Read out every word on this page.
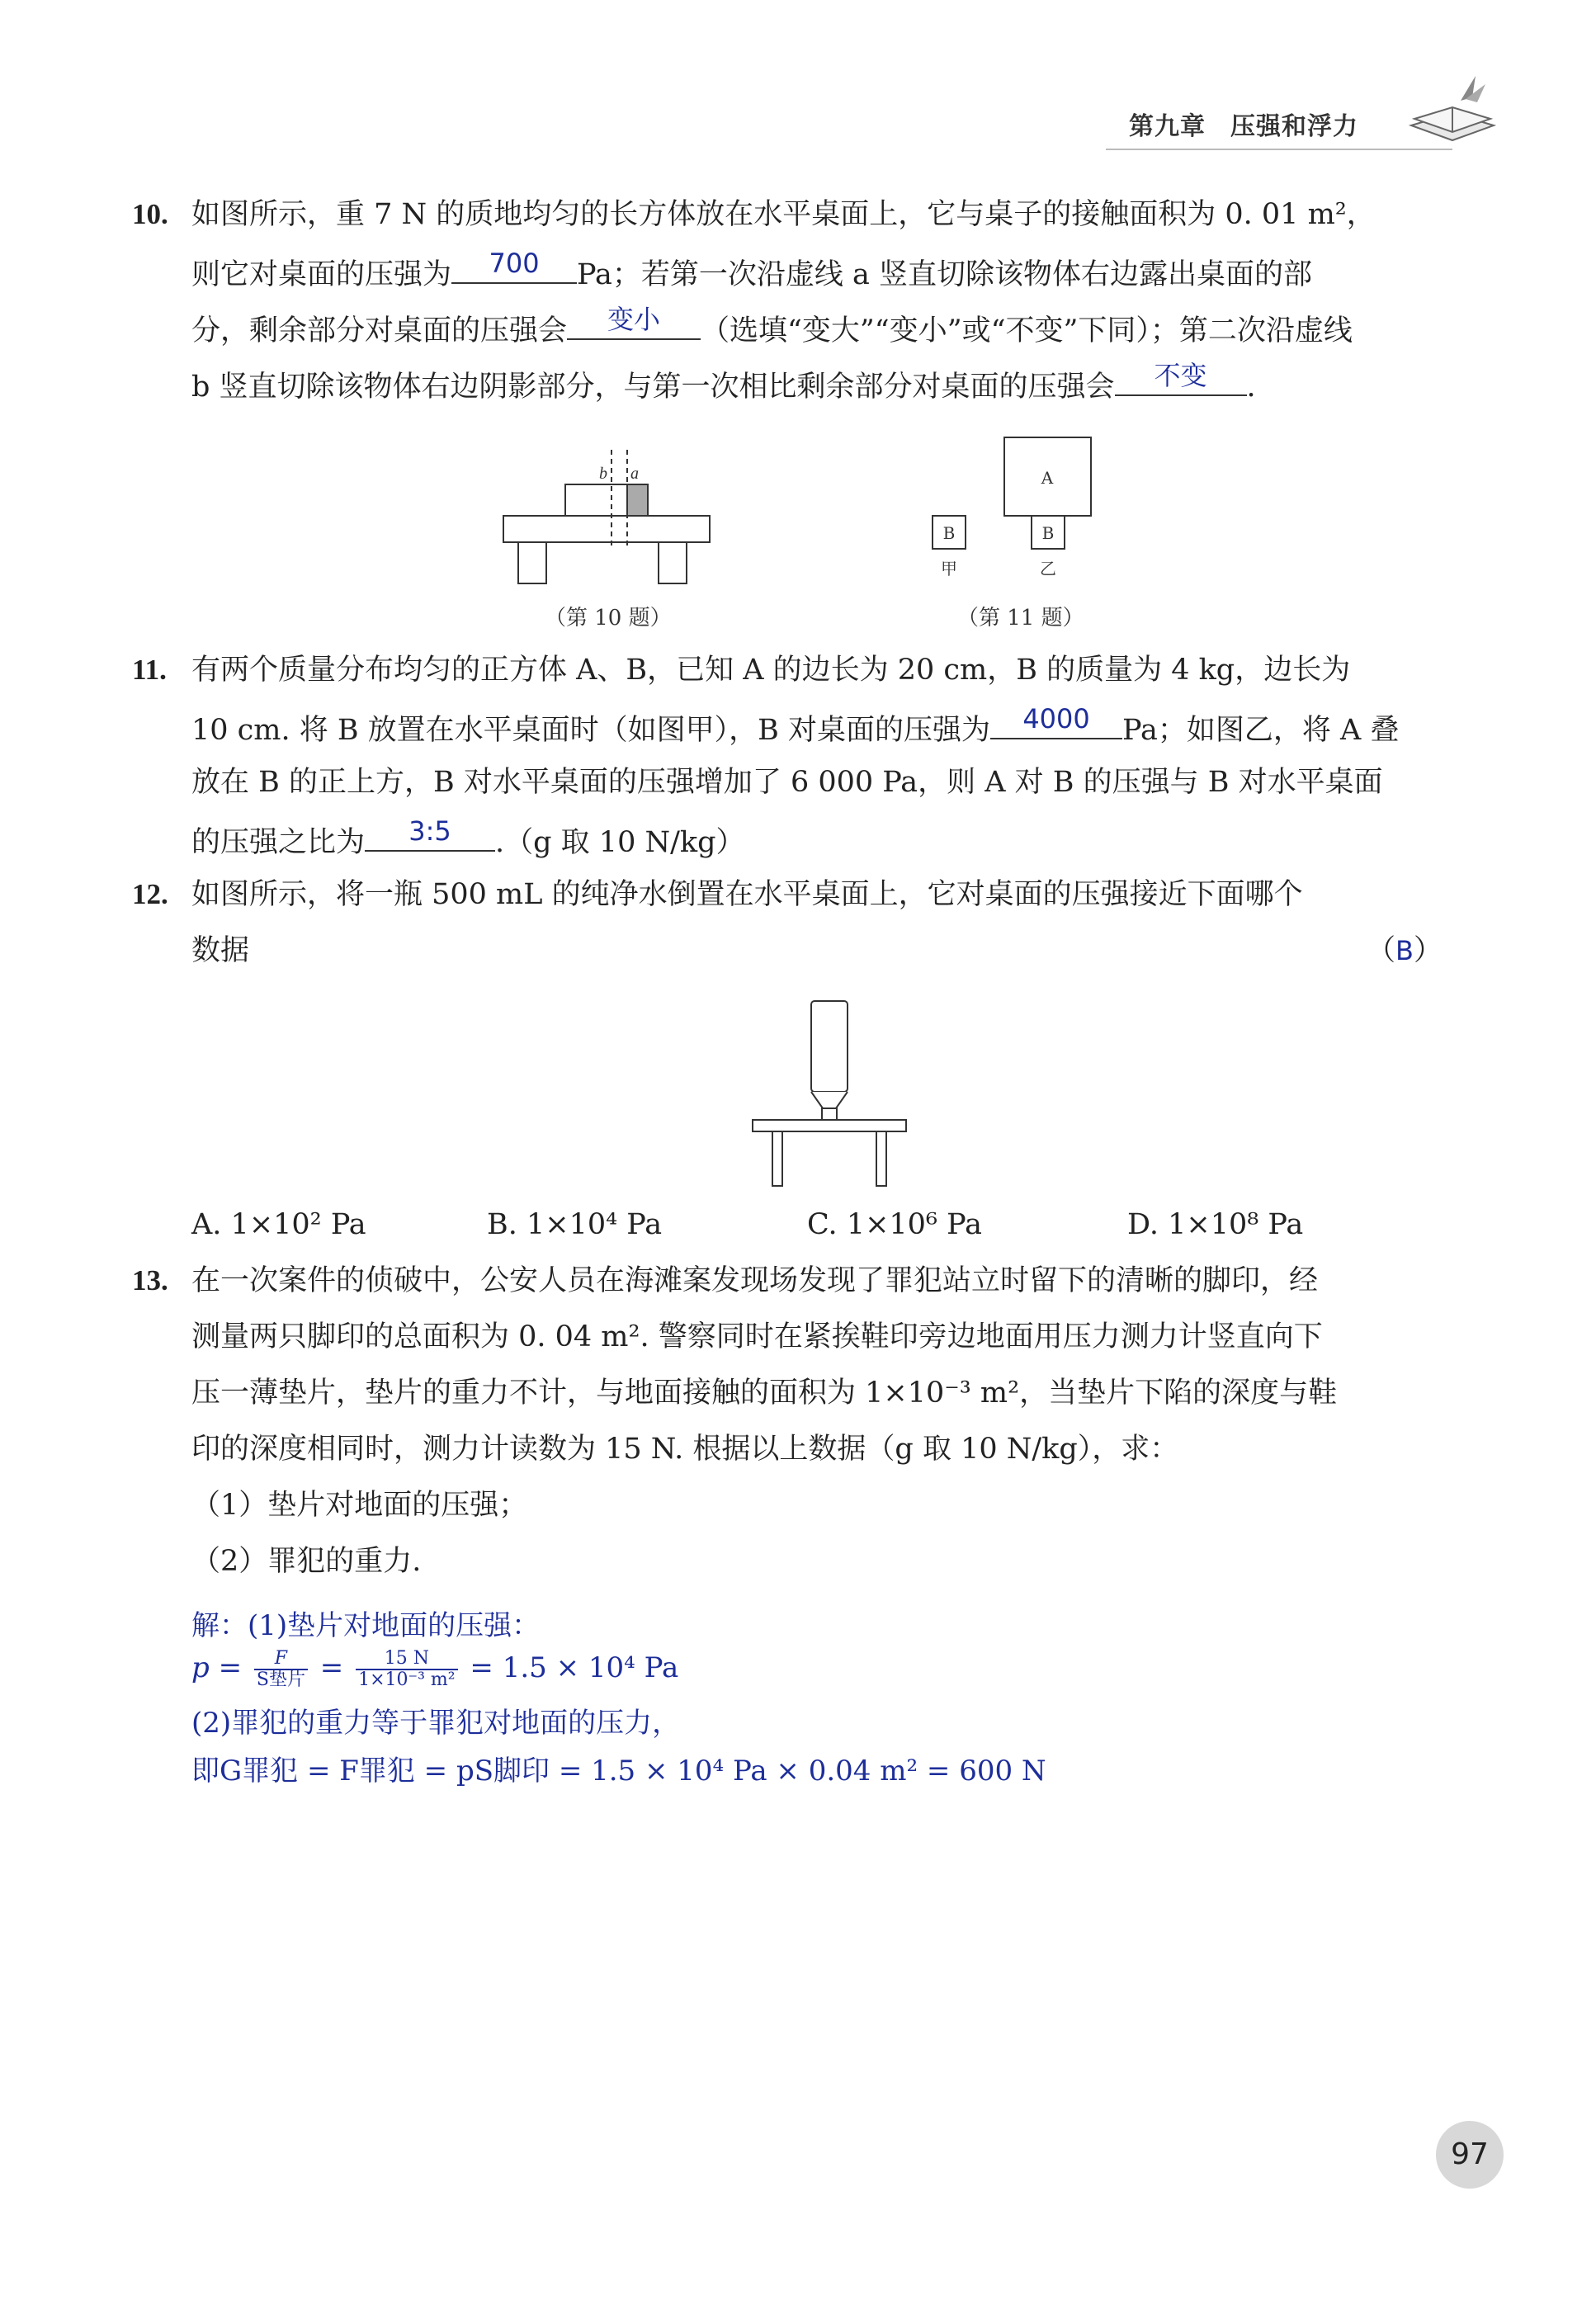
第九章 压强和浮力
10. 如图所示，重 7 N 的质地均匀的长方体放在水平桌面上，它与桌子的接触面积为 0. 01 m²，
则它对桌面的压强为	700	Pa；若第一次沿虚线 a 竖直切除该物体右边露出桌面的部
分，剩余部分对桌面的压强会	变小	（选填“变大”“变小”或“不变”下同）；第二次沿虚线
b 竖直切除该物体右边阴影部分，与第一次相比剩余部分对桌面的压强会	不变	.
b a
（第 10 题）
B
甲
A
B
乙
（第 11 题）
11. 有两个质量分布均匀的正方体 A、B，已知 A 的边长为 20 cm，B 的质量为 4 kg，边长为
10 cm. 将 B 放置在水平桌面时（如图甲），B 对桌面的压强为	4000	Pa；如图乙，将 A 叠
放在 B 的正上方，B 对水平桌面的压强增加了 6 000 Pa，则 A 对 B 的压强与 B 对水平桌面
的压强之比为	3:5	.（g 取 10 N/kg）
12. 如图所示，将一瓶 500 mL 的纯净水倒置在水平桌面上，它对桌面的压强接近下面哪个
数据	（B）
A. 1×10² Pa	B. 1×10⁴ Pa	C. 1×10⁶ Pa	D. 1×10⁸ Pa
13. 在一次案件的侦破中，公安人员在海滩案发现场发现了罪犯站立时留下的清晰的脚印，经
测量两只脚印的总面积为 0. 04 m². 警察同时在紧挨鞋印旁边地面用压力测力计竖直向下
压一薄垫片，垫片的重力不计，与地面接触的面积为 1×10⁻³ m²，当垫片下陷的深度与鞋
印的深度相同时，测力计读数为 15 N. 根据以上数据（g 取 10 N/kg），求：
（1）垫片对地面的压强；
（2）罪犯的重力.
解：(1)垫片对地面的压强：
$p = \frac{F}{\text{S垫片}} = \frac{15 N}{\text{1×10⁻³ m²}} = 1.5 \times 10^4$ Pa
(2)罪犯的重力等于罪犯对地面的压力，
即G罪犯 = F罪犯 = pS脚印 = 1.5 × 10⁴ Pa × 0.04 m² = 600 N
97
